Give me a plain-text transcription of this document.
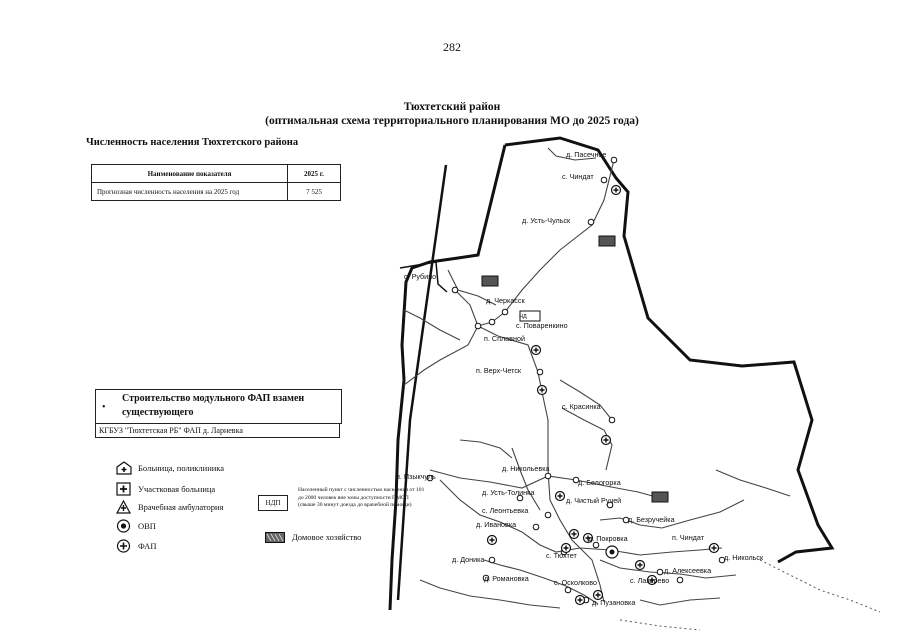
282
Тюхтетский район
(оптимальная схема территориального планирования МО до 2025 года)
Численность населения Тюхтетского района
Наименование показателя	2025 г.
Прогнозная численность населения на 2025 год	7 525
НД
д. Пасечное
с. Чиндат
д. Усть-Чульск
с. Рубино
д. Черкасск
с. Поваренкино
п. Сплавной
п. Верх-Четск
с. Красинка
п. Изыкчуль
д. Никольевка
д. Белогорка
д. Усть-Толинка
д. Чистый Ручей
с. Леонтьевка
д. Ивановка
д. Безручейка
д. Покровка
с. Тюхтет
п. Чиндат
д. Никольск
д. Доника
д. Алексеевка
д. Романовка	с. Осколково	с. Лазарево
д. Пузановка
•
Строительство модульного ФАП взамен существующего
КГБУЗ "Тюхтетская РБ" ФАП д. Ларневка
Больница, поликлиника
Участковая больница
Врачебная амбулатория
ОВП
ФАП
НДП
Населенный пункт с численностью населения от 101 до 2000 человек вне зоны доступности ПМСП (свыше 30 минут доезда до врачебной помощи)
Домовое хозяйство
